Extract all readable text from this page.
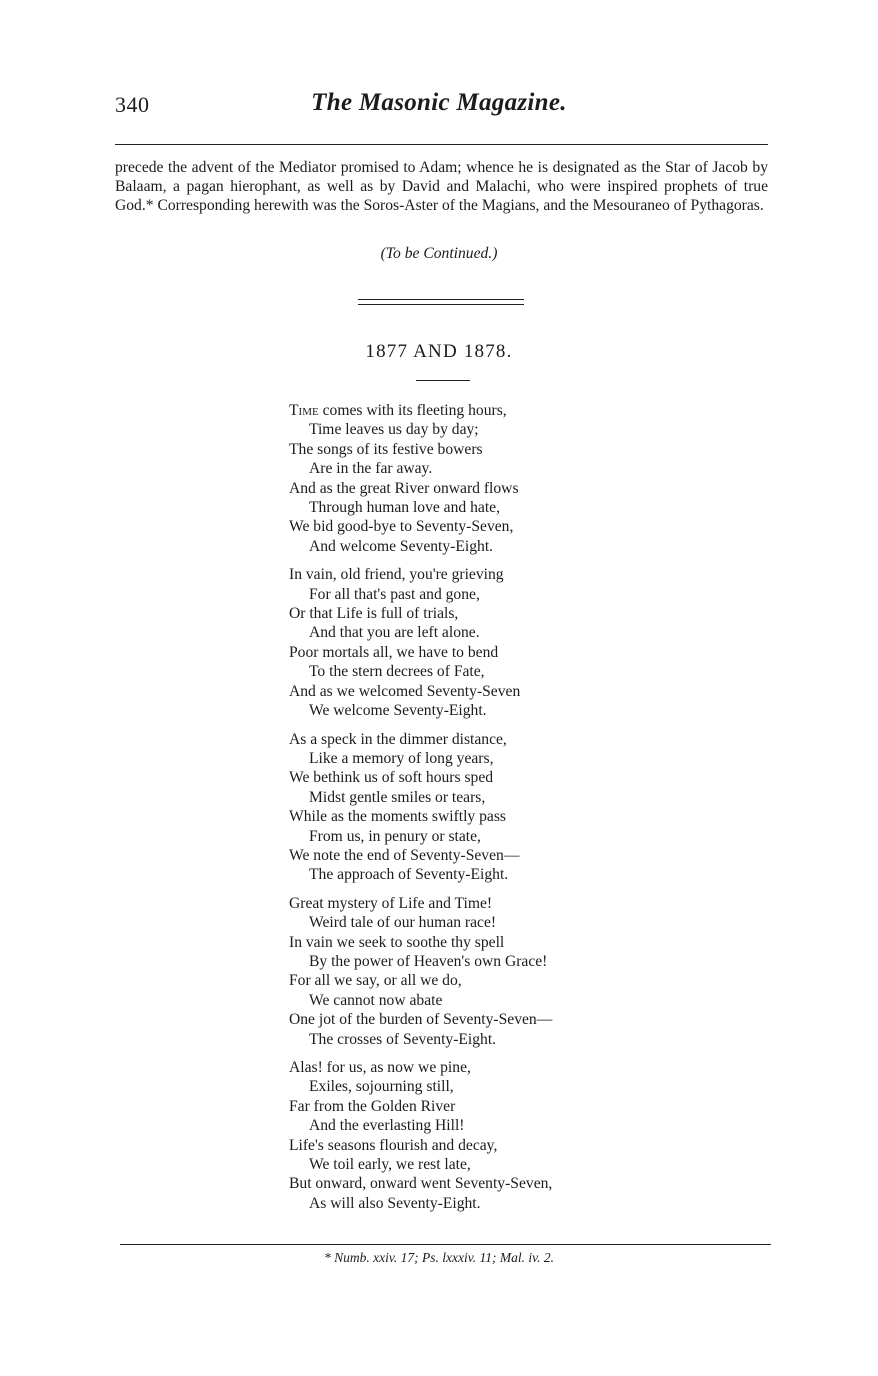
340	The Masonic Magazine.

precede the advent of the Mediator promised to Adam; whence he is designated as the Star of Jacob by Balaam, a pagan hierophant, as well as by David and Malachi, who were inspired prophets of true God.* Corresponding herewith was the Soros-Aster of the Magians, and the Mesouraneo of Pythagoras.

(To be Continued.)
1877 AND 1878.
Time comes with its fleeting hours,
Time leaves us day by day;
The songs of its festive bowers
Are in the far away.
And as the great River onward flows
Through human love and hate,
We bid good-bye to Seventy-Seven,
And welcome Seventy-Eight.
In vain, old friend, you're grieving
For all that's past and gone,
Or that Life is full of trials,
And that you are left alone.
Poor mortals all, we have to bend
To the stern decrees of Fate,
And as we welcomed Seventy-Seven
We welcome Seventy-Eight.
As a speck in the dimmer distance,
Like a memory of long years,
We bethink us of soft hours sped
Midst gentle smiles or tears,
While as the moments swiftly pass
From us, in penury or state,
We note the end of Seventy-Seven—
The approach of Seventy-Eight.
Great mystery of Life and Time!
Weird tale of our human race!
In vain we seek to soothe thy spell
By the power of Heaven's own Grace!
For all we say, or all we do,
We cannot now abate
One jot of the burden of Seventy-Seven—
The crosses of Seventy-Eight.
Alas! for us, as now we pine,
Exiles, sojourning still,
Far from the Golden River
And the everlasting Hill!
Life's seasons flourish and decay,
We toil early, we rest late,
But onward, onward went Seventy-Seven,
As will also Seventy-Eight.
* Numb. xxiv. 17; Ps. lxxxiv. 11; Mal. iv. 2.
